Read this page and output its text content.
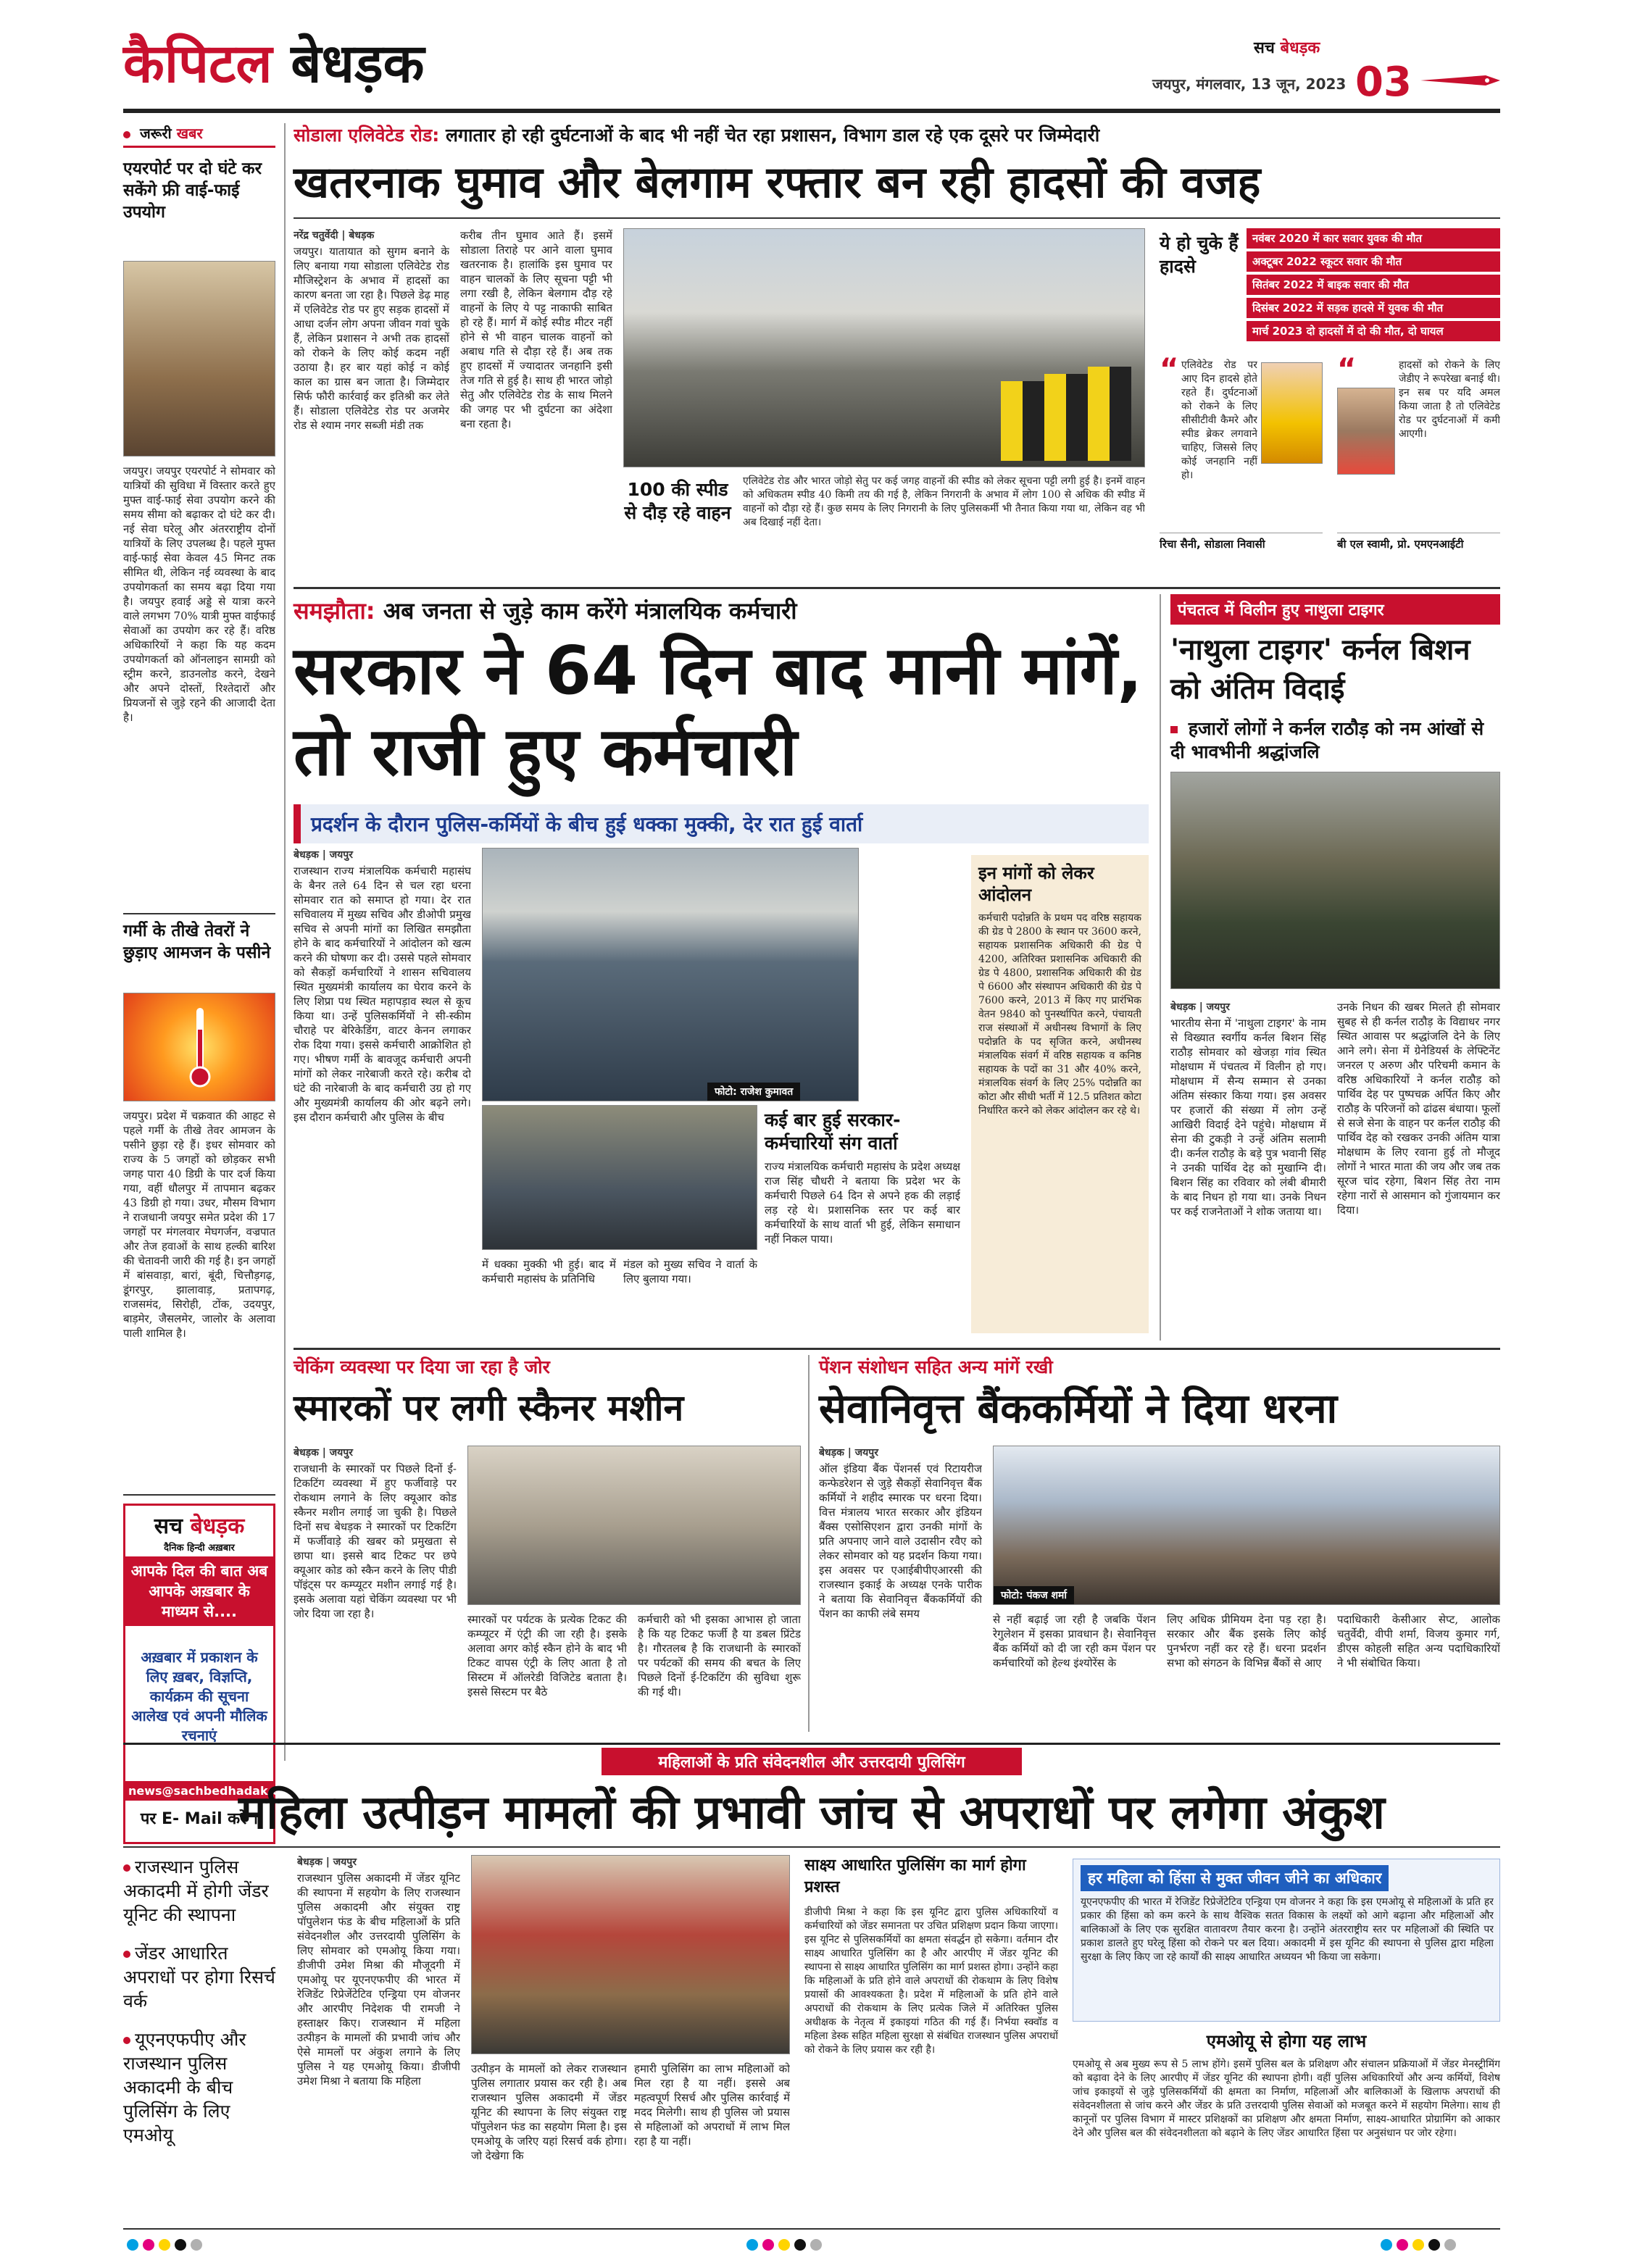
कैपिटल बेधड़क	सच बेधड़क
जयपुर, मंगलवार, 13 जून, 2023 03
जरूरी खबर
एयरपोर्ट पर दो घंटे कर सकेंगे फ्री वाई-फाई उपयोग
जयपुर। जयपुर एयरपोर्ट ने सोमवार को यात्रियों की सुविधा में विस्तार करते हुए मुफ्त वाई-फाई सेवा उपयोग करने की समय सीमा को बढ़ाकर दो घंटे कर दी। नई सेवा घरेलू और अंतरराष्ट्रीय दोनों यात्रियों के लिए उपलब्ध है। पहले मुफ्त वाई-फाई सेवा केवल 45 मिनट तक सीमित थी, लेकिन नई व्यवस्था के बाद उपयोगकर्ता का समय बढ़ा दिया गया है। जयपुर हवाई अड्डे से यात्रा करने वाले लगभग 70% यात्री मुफ्त वाईफाई सेवाओं का उपयोग कर रहे हैं। वरिष्ठ अधिकारियों ने कहा कि यह कदम उपयोगकर्ता को ऑनलाइन सामग्री को स्ट्रीम करने, डाउनलोड करने, देखने और अपने दोस्तों, रिश्तेदारों और प्रियजनों से जुड़े रहने की आजादी देता है।
गर्मी के तीखे तेवरों ने छुड़ाए आमजन के पसीने
जयपुर। प्रदेश में चक्रवात की आहट से पहले गर्मी के तीखे तेवर आमजन के पसीने छुड़ा रहे हैं। इधर सोमवार को राज्य के 5 जगहों को छोड़कर सभी जगह पारा 40 डिग्री के पार दर्ज किया गया, वहीं धौलपुर में तापमान बढ़कर 43 डिग्री हो गया। उधर, मौसम विभाग ने राजधानी जयपुर समेत प्रदेश की 17 जगहों पर मंगलवार मेघगर्जन, वज्रपात और तेज हवाओं के साथ हल्की बारिश की चेतावनी जारी की गई है। इन जगहों में बांसवाड़ा, बारां, बूंदी, चित्तौड़गढ़, डूंगरपुर, झालावाड़, प्रतापगढ़, राजसमंद, सिरोही, टोंक, उदयपुर, बाड़मेर, जैसलमेर, जालोर के अलावा पाली शामिल है।
सच बेधड़क
दैनिक हिन्दी अख़बार
आपके दिल की बात अब आपके अख़बार के माध्यम से....
अख़बार में प्रकाशन के लिए ख़बर, विज्ञप्ति, कार्यक्रम की सूचना आलेख एवं अपनी मौलिक रचनाएं
news@sachbedhadak.com
पर E- Mail करें ।
सोडाला एलिवेटेड रोड: लगातार हो रही दुर्घटनाओं के बाद भी नहीं चेत रहा प्रशासन, विभाग डाल रहे एक दूसरे पर जिम्मेदारी
खतरनाक घुमाव और बेलगाम रफ्तार बन रही हादसों की वजह
नरेंद्र चतुर्वेदी | बेधड़क
जयपुर। यातायात को सुगम बनाने के लिए बनाया गया सोडाला एलिवेटेड रोड मौजिस्ट्रेशन के अभाव में हादसों का कारण बनता जा रहा है। पिछले डेढ़ माह में एलिवेटेड रोड पर हुए सड़क हादसों में आधा दर्जन लोग अपना जीवन गवां चुके हैं, लेकिन प्रशासन ने अभी तक हादसों को रोकने के लिए कोई कदम नहीं उठाया है। हर बार यहां कोई न कोई काल का ग्रास बन जाता है। जिम्मेदार सिर्फ फौरी कार्रवाई कर इतिश्री कर लेते हैं। सोडाला एलिवेटेड रोड पर अजमेर रोड से श्याम नगर सब्जी मंडी तक
करीब तीन घुमाव आते हैं। इसमें सोडाला तिराहे पर आने वाला घुमाव खतरनाक है। हालांकि इस घुमाव पर वाहन चालकों के लिए सूचना पट्टी भी लगा रखी है, लेकिन बेलगाम दौड़ रहे वाहनों के लिए ये पट्ट नाकाफी साबित हो रहे हैं। मार्ग में कोई स्पीड मीटर नहीं होने से भी वाहन चालक वाहनों को अबाध गति से दौड़ा रहे हैं। अब तक हुए हादसों में ज्यादातर जनहानि इसी तेज गति से हुई है। साथ ही भारत जोड़ो सेतु और एलिवेटेड रोड के साथ मिलने की जगह पर भी दुर्घटना का अंदेशा बना रहता है।
100 की स्पीड से दौड़ रहे वाहन
एलिवेटेड रोड और भारत जोड़ो सेतु पर कई जगह वाहनों की स्पीड को लेकर सूचना पट्टी लगी हुई है। इनमें वाहन को अधिकतम स्पीड 40 किमी तय की गई है, लेकिन निगरानी के अभाव में लोग 100 से अधिक की स्पीड में वाहनों को दौड़ा रहे हैं। कुछ समय के लिए निगरानी के लिए पुलिसकर्मी भी तैनात किया गया था, लेकिन वह भी अब दिखाई नहीं देता।
ये हो चुके हैं हादसे
नवंबर 2020 में कार सवार युवक की मौत
अक्टूबर 2022 स्कूटर सवार की मौत
सितंबर 2022 में बाइक सवार की मौत
दिसंबर 2022 में सड़क हादसे में युवक की मौत
मार्च 2023 दो हादसों में दो की मौत, दो घायल
“ एलिवेटेड रोड पर आए दिन हादसे होते रहते हैं। दुर्घटनाओं को रोकने के लिए सीसीटीवी कैमरे और स्पीड ब्रेकर लगवाने चाहिए, जिससे लिए कोई जनहानि नहीं हो।
रिचा सैनी, सोडाला निवासी
“	हादसों को रोकने के लिए जेडीए ने रूपरेखा बनाई थी। इन सब पर यदि अमल किया जाता है तो एलिवेटेड रोड पर दुर्घटनाओं में कमी आएगी।
बी एल स्वामी, प्रो. एमएनआईटी
समझौता: अब जनता से जुड़े काम करेंगे मंत्रालयिक कर्मचारी
सरकार ने 64 दिन बाद मानी मांगें, तो राजी हुए कर्मचारी
प्रदर्शन के दौरान पुलिस-कर्मियों के बीच हुई धक्का मुक्की, देर रात हुई वार्ता
बेधड़क | जयपुर
राजस्थान राज्य मंत्रालयिक कर्मचारी महासंघ के बैनर तले 64 दिन से चल रहा धरना सोमवार रात को समाप्त हो गया। देर रात सचिवालय में मुख्य सचिव और डीओपी प्रमुख सचिव से अपनी मांगों का लिखित समझौता होने के बाद कर्मचारियों ने आंदोलन को खत्म करने की घोषणा कर दी। उससे पहले सोमवार को सैकड़ों कर्मचारियों ने शासन सचिवालय स्थित मुख्यमंत्री कार्यालय का घेराव करने के लिए शिप्रा पथ स्थित महापड़ाव स्थल से कूच किया था। उन्हें पुलिसकर्मियों ने सी-स्कीम चौराहे पर बेरिकेडिंग, वाटर केनन लगाकर रोक दिया गया। इससे कर्मचारी आक्रोशित हो गए। भीषण गर्मी के बावजूद कर्मचारी अपनी मांगों को लेकर नारेबाजी करते रहे। करीब दो घंटे की नारेबाजी के बाद कर्मचारी उग्र हो गए और मुख्यमंत्री कार्यालय की ओर बढ़ने लगे। इस दौरान कर्मचारी और पुलिस के बीच
फोटो: राजेश कुमावत
कई बार हुई सरकार-कर्मचारियों संग वार्ता
राज्य मंत्रालयिक कर्मचारी महासंघ के प्रदेश अध्यक्ष राज सिंह चौधरी ने बताया कि प्रदेश भर के कर्मचारी पिछले 64 दिन से अपने हक की लड़ाई लड़ रहे थे। प्रशासनिक स्तर पर कई बार कर्मचारियों के साथ वार्ता भी हुई, लेकिन समाधान नहीं निकल पाया।
में धक्का मुक्की भी हुई। बाद में कर्मचारी महासंघ के प्रतिनिधि
मंडल को मुख्य सचिव ने वार्ता के लिए बुलाया गया।
इन मांगों को लेकर आंदोलन
कर्मचारी पदोन्नति के प्रथम पद वरिष्ठ सहायक की ग्रेड पे 2800 के स्थान पर 3600 करने, सहायक प्रशासनिक अधिकारी की ग्रेड पे 4200, अतिरिक्त प्रशासनिक अधिकारी की ग्रेड पे 4800, प्रशासनिक अधिकारी की ग्रेड पे 6600 और संस्थापन अधिकारी की ग्रेड पे 7600 करने, 2013 में किए गए प्रारंभिक वेतन 9840 को पुनर्स्थापित करने, पंचायती राज संस्थाओं में अधीनस्थ विभागों के लिए पदोन्नति के पद सृजित करने, अधीनस्थ मंत्रालयिक संवर्ग में वरिष्ठ सहायक व कनिष्ठ सहायक के पदों का 31 और 40% करने, मंत्रालयिक संवर्ग के लिए 25% पदोन्नति का कोटा और सीधी भर्ती में 12.5 प्रतिशत कोटा निर्धारित करने को लेकर आंदोलन कर रहे थे।
पंचतत्व में विलीन हुए नाथुला टाइगर
'नाथुला टाइगर' कर्नल बिशन को अंतिम विदाई
हजारों लोगों ने कर्नल राठौड़ को नम आंखों से दी भावभीनी श्रद्धांजलि
बेधड़क | जयपुर
भारतीय सेना में 'नाथुला टाइगर' के नाम से विख्यात स्वर्गीय कर्नल बिशन सिंह राठौड़ सोमवार को खेजड़ा गांव स्थित मोक्षधाम में पंचतत्व में विलीन हो गए। मोक्षधाम में सैन्य सम्मान से उनका अंतिम संस्कार किया गया। इस अवसर पर हजारों की संख्या में लोग उन्हें आखिरी विदाई देने पहुंचे। मोक्षधाम में सेना की टुकड़ी ने उन्हें अंतिम सलामी दी। कर्नल राठौड़ के बड़े पुत्र भवानी सिंह ने उनकी पार्थिव देह को मुखाग्नि दी। बिशन सिंह का रविवार को लंबी बीमारी के बाद निधन हो गया था। उनके निधन पर कई राजनेताओं ने शोक जताया था।
उनके निधन की खबर मिलते ही सोमवार सुबह से ही कर्नल राठौड़ के विद्याधर नगर स्थित आवास पर श्रद्धांजलि देने के लिए आने लगे। सेना में ग्रेनेडियर्स के लेफ्टिनेंट जनरल ए अरुण और परिचमी कमान के वरिष्ठ अधिकारियों ने कर्नल राठौड़ को पार्थिव देह पर पुष्पचक्र अर्पित किए और राठौड़ के परिजनों को ढांढस बंधाया। फूलों से सजे सेना के वाहन पर कर्नल राठौड़ की पार्थिव देह को रखकर उनकी अंतिम यात्रा मोक्षधाम के लिए रवाना हुई तो मौजूद लोगों ने भारत माता की जय और जब तक सूरज चांद रहेगा, बिशन सिंह तेरा नाम रहेगा नारों से आसमान को गुंजायमान कर दिया।
चेकिंग व्यवस्था पर दिया जा रहा है जोर
स्मारकों पर लगी स्कैनर मशीन
बेधड़क | जयपुर
राजधानी के स्मारकों पर पिछले दिनों ई- टिकटिंग व्यवस्था में हुए फर्जीवाड़े पर रोकथाम लगाने के लिए क्यूआर कोड स्कैनर मशीन लगाई जा चुकी है। पिछले दिनों सच बेधड़क ने स्मारकों पर टिकटिंग में फर्जीवाड़े की खबर को प्रमुखता से छापा था। इससे बाद टिकट पर छपे क्यूआर कोड को स्कैन करने के लिए पीडी पॉइंट्स पर कम्प्यूटर मशीन लगाई गई है। इसके अलावा यहां चेकिंग व्यवस्था पर भी जोर दिया जा रहा है।	स्मारकों पर पर्यटक के प्रत्येक टिकट की कम्प्यूटर में एंट्री की जा रही है। इसके अलावा अगर कोई स्कैन होने के बाद भी टिकट वापस एंट्री के लिए आता है तो सिस्टम में ऑलरेडी विजिटेड बताता है। इससे सिस्टम पर बैठे
कर्मचारी को भी इसका आभास हो जाता है कि यह टिकट फर्जी है या डबल प्रिंटेड है। गौरतलब है कि राजधानी के स्मारकों पर पर्यटकों की समय की बचत के लिए पिछले दिनों ई-टिकटिंग की सुविधा शुरू की गई थी।
पेंशन संशोधन सहित अन्य मांगें रखी
सेवानिवृत्त बैंककर्मियों ने दिया धरना
बेधड़क | जयपुर
ऑल इंडिया बैंक पेंशनर्स एवं रिटायरीज कन्फेडरेशन से जुड़े सैकड़ों सेवानिवृत्त बैंक कर्मियों ने शहीद स्मारक पर धरना दिया। वित्त मंत्रालय भारत सरकार और इंडियन बैंक्स एसोसिएशन द्वारा उनकी मांगों के प्रति अपनाए जाने वाले उदासीन रवैए को लेकर सोमवार को यह प्रदर्शन किया गया। इस अवसर पर एआईबीपीएआरसी की राजस्थान इकाई के अध्यक्ष एनके पारीक ने बताया कि सेवानिवृत्त बैंककर्मियों की पेंशन का काफी लंबे समय
फोटो: पंकज शर्मा
से नहीं बढ़ाई जा रही है जबकि पेंशन रेगुलेशन में इसका प्रावधान है। सेवानिवृत्त बैंक कर्मियों को दी जा रही कम पेंशन पर कर्मचारियों को हेल्थ इंश्योरेंस के
लिए अधिक प्रीमियम देना पड़ रहा है। सरकार और बैंक इसके लिए कोई पुनर्भरण नहीं कर रहे हैं। धरना प्रदर्शन सभा को संगठन के विभिन्न बैंकों से आए
पदाधिकारी केसीआर सेप्ट, आलोक चतुर्वेदी, वीपी शर्मा, विजय कुमार गर्ग, डीएस कोहली सहित अन्य पदाधिकारियों ने भी संबोधित किया।
महिलाओं के प्रति संवेदनशील और उत्तरदायी पुलिसिंग
महिला उत्पीड़न मामलों की प्रभावी जांच से अपराधों पर लगेगा अंकुश
राजस्थान पुलिस अकादमी में होगी जेंडर यूनिट की स्थापना
जेंडर आधारित अपराधों पर होगा रिसर्च वर्क
यूएनएफपीए और राजस्थान पुलिस अकादमी के बीच पुलिसिंग के लिए एमओयू
बेधड़क | जयपुर
राजस्थान पुलिस अकादमी में जेंडर यूनिट की स्थापना में सहयोग के लिए राजस्थान पुलिस अकादमी और संयुक्त राष्ट्र पॉपुलेशन फंड के बीच महिलाओं के प्रति संवेदनशील और उत्तरदायी पुलिसिंग के लिए सोमवार को एमओयू किया गया। डीजीपी उमेश मिश्रा की मौजूदगी में एमओयू पर यूएनएफपीए की भारत में रेजिडेंट रिप्रेजेंटेटिव एन्ड्रिया एम वोजनर और आरपीए निदेशक पी रामजी ने हस्ताक्षर किए। राजस्थान में महिला उत्पीड़न के मामलों की प्रभावी जांच और ऐसे मामलों पर अंकुश लगाने के लिए पुलिस ने यह एमओयू किया। डीजीपी उमेश मिश्रा ने बताया कि महिला
उत्पीड़न के मामलों को लेकर राजस्थान पुलिस लगातार प्रयास कर रही है। अब राजस्थान पुलिस अकादमी में जेंडर यूनिट की स्थापना के लिए संयुक्त राष्ट्र पॉपुलेशन फंड का सहयोग मिला है। इस एमओयू के जरिए यहां रिसर्च वर्क होगा। जो देखेगा कि
हमारी पुलिसिंग का लाभ महिलाओं को मिल रहा है या नहीं। इससे अब महत्वपूर्ण रिसर्च और पुलिस कार्रवाई में मदद मिलेगी। साथ ही पुलिस जो प्रयास से महिलाओं को अपराधों में लाभ मिल रहा है या नहीं।
साक्ष्य आधारित पुलिसिंग का मार्ग होगा प्रशस्त
डीजीपी मिश्रा ने कहा कि इस यूनिट द्वारा पुलिस अधिकारियों व कर्मचारियों को जेंडर समानता पर उचित प्रशिक्षण प्रदान किया जाएगा। इस यूनिट से पुलिसकर्मियों का क्षमता संवर्द्धन हो सकेगा। वर्तमान दौर साक्ष्य आधारित पुलिसिंग का है और आरपीए में जेंडर यूनिट की स्थापना से साक्ष्य आधारित पुलिसिंग का मार्ग प्रशस्त होगा। उन्होंने कहा कि महिलाओं के प्रति होने वाले अपराधों की रोकथाम के लिए विशेष प्रयासों की आवश्यकता है। प्रदेश में महिलाओं के प्रति होने वाले अपराधों की रोकथाम के लिए प्रत्येक जिले में अतिरिक्त पुलिस अधीक्षक के नेतृत्व में इकाइयां गठित की गई हैं। निर्भया स्क्वॉड व महिला डेस्क सहित महिला सुरक्षा से संबंधित राजस्थान पुलिस अपराधों को रोकने के लिए प्रयास कर रही है।
हर महिला को हिंसा से मुक्त जीवन जीने का अधिकार
यूएनएफपीए की भारत में रेजिडेंट रिप्रेजेंटेटिव एन्ड्रिया एम वोजनर ने कहा कि इस एमओयू से महिलाओं के प्रति हर प्रकार की हिंसा को कम करने के साथ वैश्विक सतत विकास के लक्ष्यों को आगे बढ़ाना और महिलाओं और बालिकाओं के लिए एक सुरक्षित वातावरण तैयार करना है। उन्होंने अंतरराष्ट्रीय स्तर पर महिलाओं की स्थिति पर प्रकाश डालते हुए घरेलू हिंसा को रोकने पर बल दिया। अकादमी में इस यूनिट की स्थापना से पुलिस द्वारा महिला सुरक्षा के लिए किए जा रहे कार्यों की साक्ष्य आधारित अध्ययन भी किया जा सकेगा।
एमओयू से होगा यह लाभ
एमओयू से अब मुख्य रूप से 5 लाभ होंगे। इसमें पुलिस बल के प्रशिक्षण और संचालन प्रक्रियाओं में जेंडर मेनस्ट्रीमिंग को बढ़ावा देने के लिए आरपीए में जेंडर यूनिट की स्थापना होगी। वहीं पुलिस अधिकारियों और अन्य कर्मियों, विशेष जांच इकाइयों से जुड़े पुलिसकर्मियों की क्षमता का निर्माण, महिलाओं और बालिकाओं के खिलाफ अपराधों की संवेदनशीलता से जांच करने और जेंडर के प्रति उत्तरदायी पुलिस सेवाओं को मजबूत करने में सहयोग मिलेगा। साथ ही कानूनों पर पुलिस विभाग में मास्टर प्रशिक्षकों का प्रशिक्षण और क्षमता निर्माण, साक्ष्य-आधारित प्रोग्रामिंग को आकार देने और पुलिस बल की संवेदनशीलता को बढ़ाने के लिए जेंडर आधारित हिंसा पर अनुसंधान पर जोर रहेगा।
